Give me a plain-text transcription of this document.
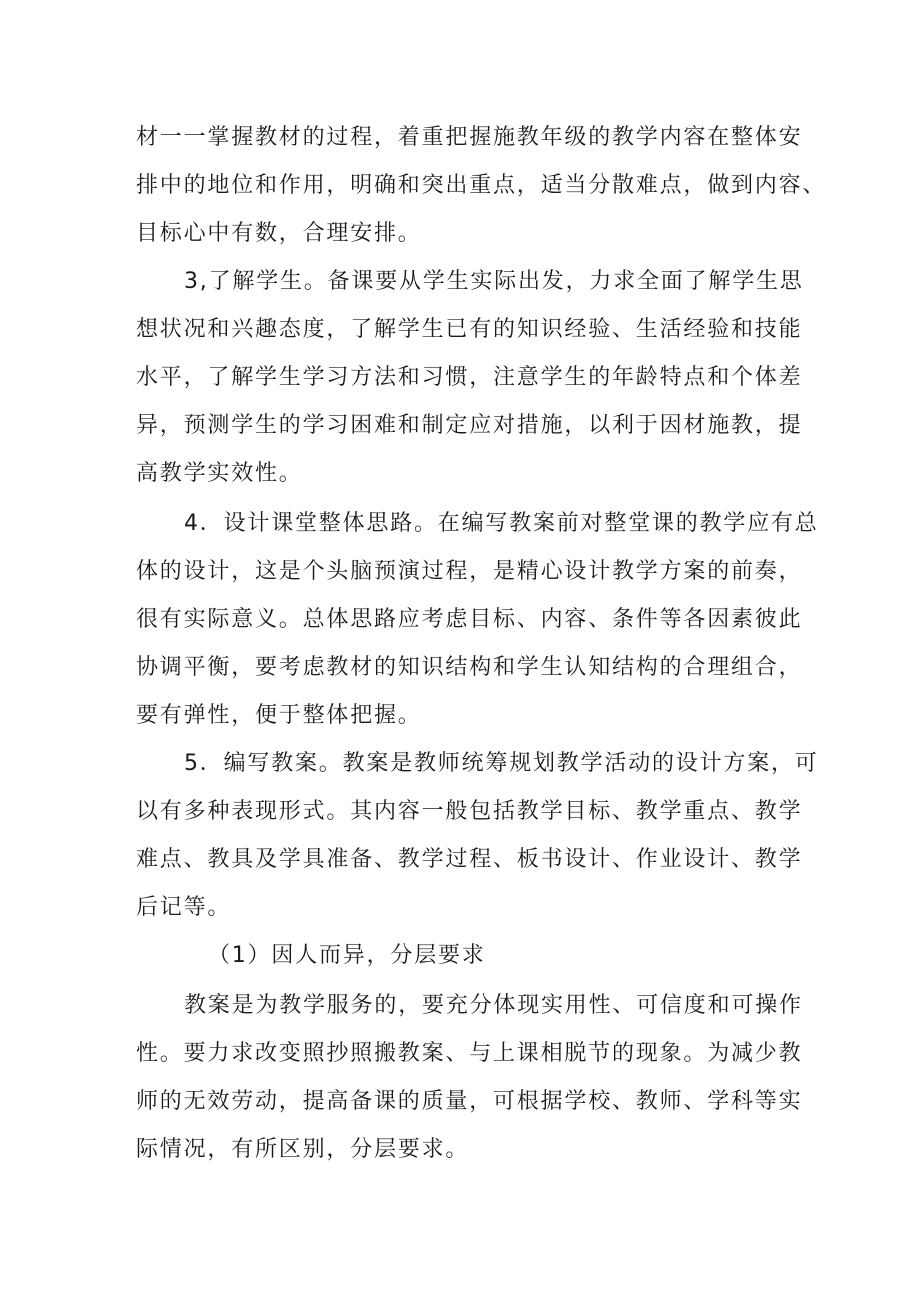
材一一掌握教材的过程，着重把握施教年级的教学内容在整体安
排中的地位和作用，明确和突出重点，适当分散难点，做到内容、
目标心中有数，合理安排。
3,了解学生。备课要从学生实际出发，力求全面了解学生思
想状况和兴趣态度，了解学生已有的知识经验、生活经验和技能
水平，了解学生学习方法和习惯，注意学生的年龄特点和个体差
异，预测学生的学习困难和制定应对措施，以利于因材施教，提
高教学实效性。
4．设计课堂整体思路。在编写教案前对整堂课的教学应有总
体的设计，这是个头脑预演过程，是精心设计教学方案的前奏，
很有实际意义。总体思路应考虑目标、内容、条件等各因素彼此
协调平衡，要考虑教材的知识结构和学生认知结构的合理组合，
要有弹性，便于整体把握。
5．编写教案。教案是教师统筹规划教学活动的设计方案，可
以有多种表现形式。其内容一般包括教学目标、教学重点、教学
难点、教具及学具准备、教学过程、板书设计、作业设计、教学
后记等。
（1）因人而异，分层要求
教案是为教学服务的，要充分体现实用性、可信度和可操作
性。要力求改变照抄照搬教案、与上课相脱节的现象。为减少教
师的无效劳动，提高备课的质量，可根据学校、教师、学科等实
际情况，有所区别，分层要求。
